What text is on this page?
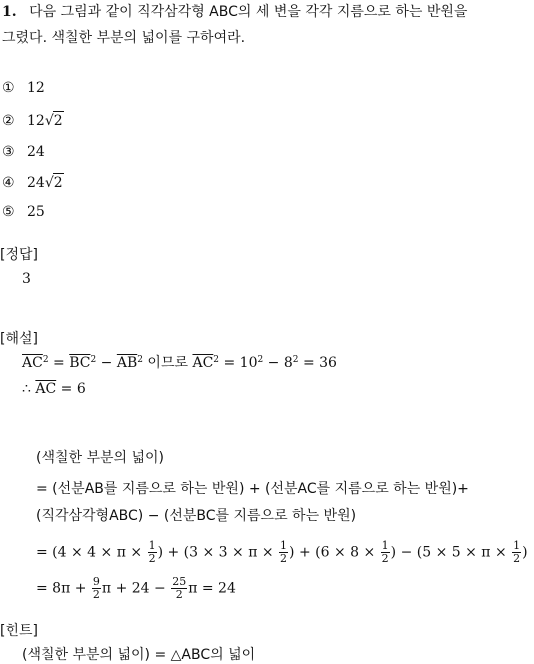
1. 다음 그림과 같이 직각삼각형 ABC의 세 변을 각각 지름으로 하는 반원을
그렸다. 색칠한 부분의 넓이를 구하여라.
① 12
② 12√2
③ 24
④ 24√2
⑤ 25
[정답]
3
[해설]
$\overline{AC}^2 = \overline{BC}^2 - \overline{AB}^2$ 이므로 $\overline{AC}^2 = 10^2 - 8^2 = 36$
∴ $\overline{AC} = 6$
(색칠한 부분의 넓이)
= (선분AB를 지름으로 하는 반원) + (선분AC를 지름으로 하는 반원)+
(직각삼각형ABC) − (선분BC를 지름으로 하는 반원)
= ($4 \times 4 \times \pi \times \frac{1}{2}$ ) + ($3 \times 3 \times \pi \times \frac{1}{2}$ ) + ($6 \times 8 \times \frac{1}{2}$ ) − ($5 \times 5 \times \pi \times \frac{1}{2}$ )
= $8\pi + \frac{9}{2}$ $\pi + 24 - \frac{25}{2}$ π = 24
[힌트]
(색칠한 부분의 넓이) = △ABC의 넓이
